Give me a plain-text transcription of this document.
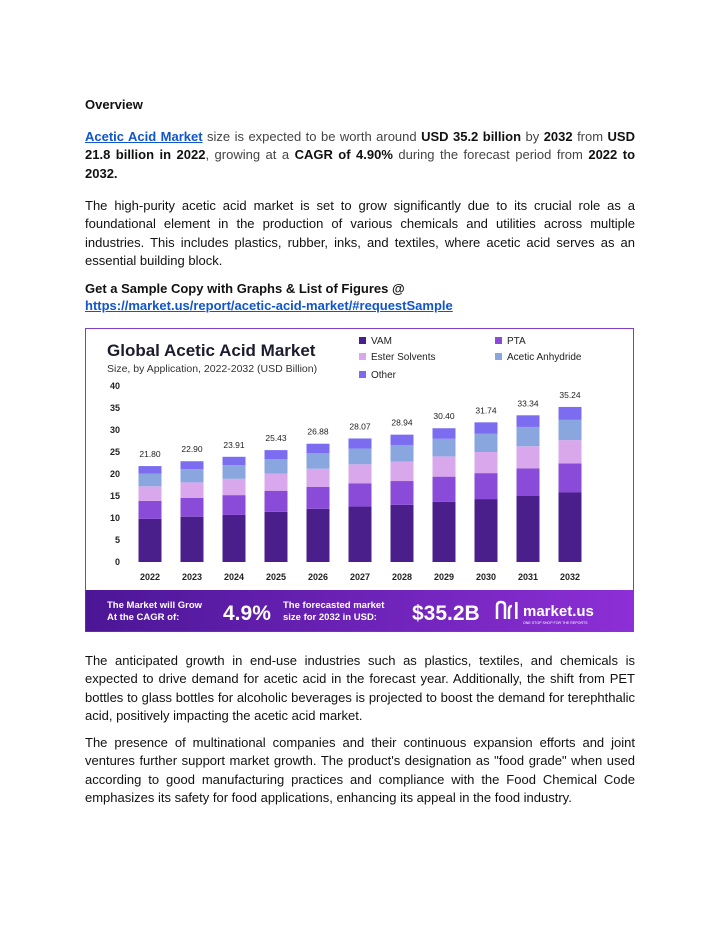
Overview

Acetic Acid Market size is expected to be worth around USD 35.2 billion by 2032 from USD 21.8 billion in 2022, growing at a CAGR of 4.90% during the forecast period from 2022 to 2032.

The high-purity acetic acid market is set to grow significantly due to its crucial role as a foundational element in the production of various chemicals and utilities across multiple industries. This includes plastics, rubber, inks, and textiles, where acetic acid serves as an essential building block.

Get a Sample Copy with Graphs & List of Figures @
https://market.us/report/acetic-acid-market/#requestSample
Global Acetic Acid Market
Size, by Application, 2022-2032 (USD Billion)
VAM	PTA
Ester Solvents	Acetic Anhydride
Other
0
5
10
15
20
25
30
35
40
21.80 22.90 23.91
25.43
26.88
28.07 28.94
30.40
31.74
33.34
35.24
2022 2023 2024 2025 2026 2027 2028 2029 2030 2031 2032
The Market will Grow
At the CAGR of: 4.9% The forecasted market
size for 2032 in USD: $35.2B	market.us
ONE STOP SHOP FOR THE REPORTS

The anticipated growth in end-use industries such as plastics, textiles, and chemicals is expected to drive demand for acetic acid in the forecast year. Additionally, the shift from PET bottles to glass bottles for alcoholic beverages is projected to boost the demand for terephthalic acid, positively impacting the acetic acid market.

The presence of multinational companies and their continuous expansion efforts and joint ventures further support market growth. The product's designation as "food grade" when used according to good manufacturing practices and compliance with the Food Chemical Code emphasizes its safety for food applications, enhancing its appeal in the food industry.
